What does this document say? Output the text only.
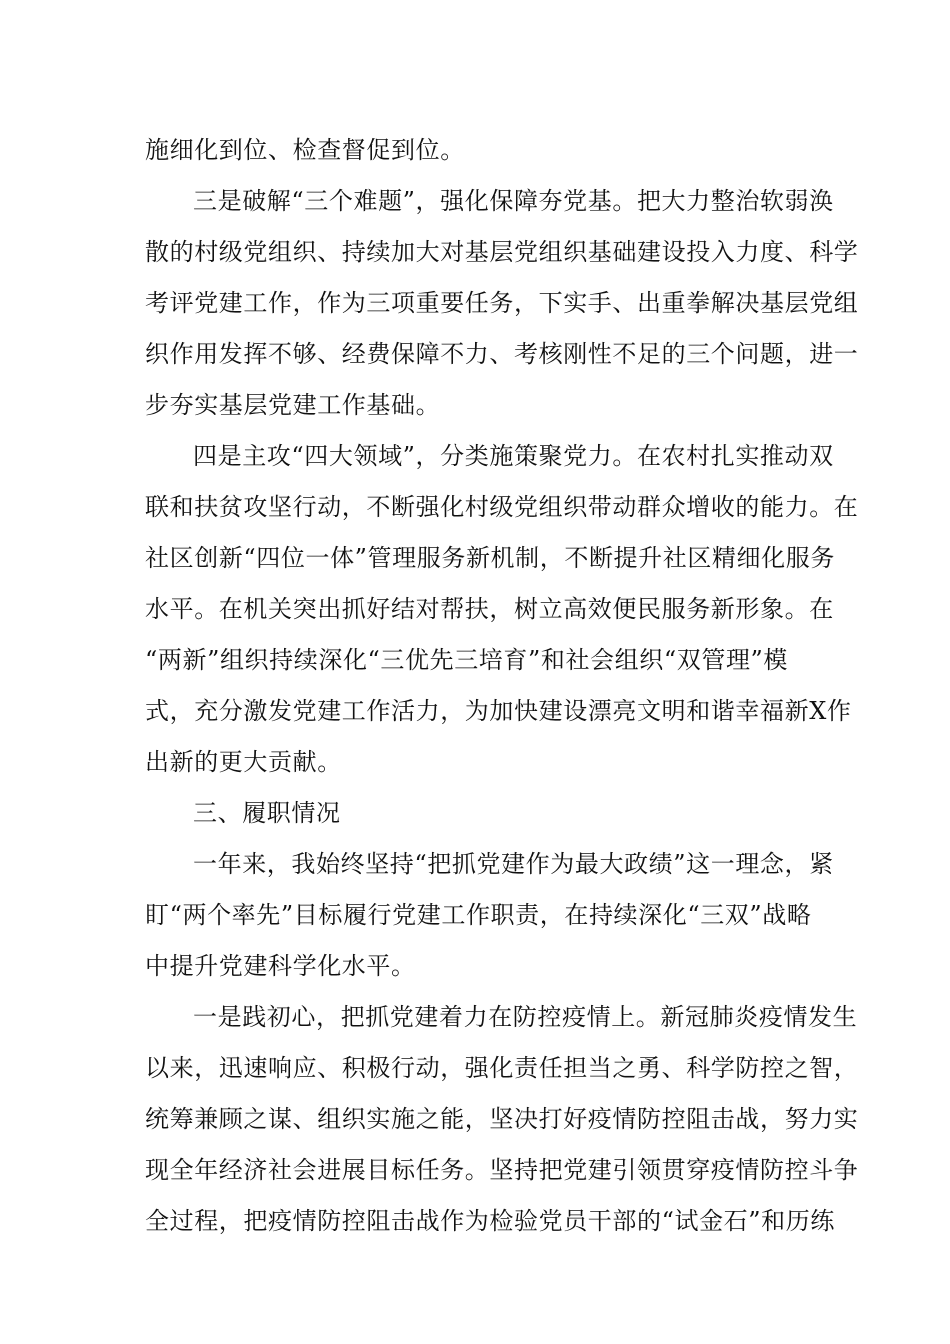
施细化到位、检查督促到位。
三是破解“三个难题”，强化保障夯党基。把大力整治软弱涣
散的村级党组织、持续加大对基层党组织基础建设投入力度、科学
考评党建工作，作为三项重要任务，下实手、出重拳解决基层党组
织作用发挥不够、经费保障不力、考核刚性不足的三个问题，进一
步夯实基层党建工作基础。
四是主攻“四大领域”，分类施策聚党力。在农村扎实推动双
联和扶贫攻坚行动，不断强化村级党组织带动群众增收的能力。在
社区创新“四位一体”管理服务新机制，不断提升社区精细化服务
水平。在机关突出抓好结对帮扶，树立高效便民服务新形象。在
“两新”组织持续深化“三优先三培育”和社会组织“双管理”模
式，充分激发党建工作活力，为加快建设漂亮文明和谐幸福新X作
出新的更大贡献。
三、履职情况
一年来，我始终坚持“把抓党建作为最大政绩”这一理念，紧
盯“两个率先”目标履行党建工作职责，在持续深化“三双”战略
中提升党建科学化水平。
一是践初心，把抓党建着力在防控疫情上。新冠肺炎疫情发生
以来，迅速响应、积极行动，强化责任担当之勇、科学防控之智，
统筹兼顾之谋、组织实施之能，坚决打好疫情防控阻击战，努力实
现全年经济社会进展目标任务。坚持把党建引领贯穿疫情防控斗争
全过程，把疫情防控阻击战作为检验党员干部的“试金石”和历练
